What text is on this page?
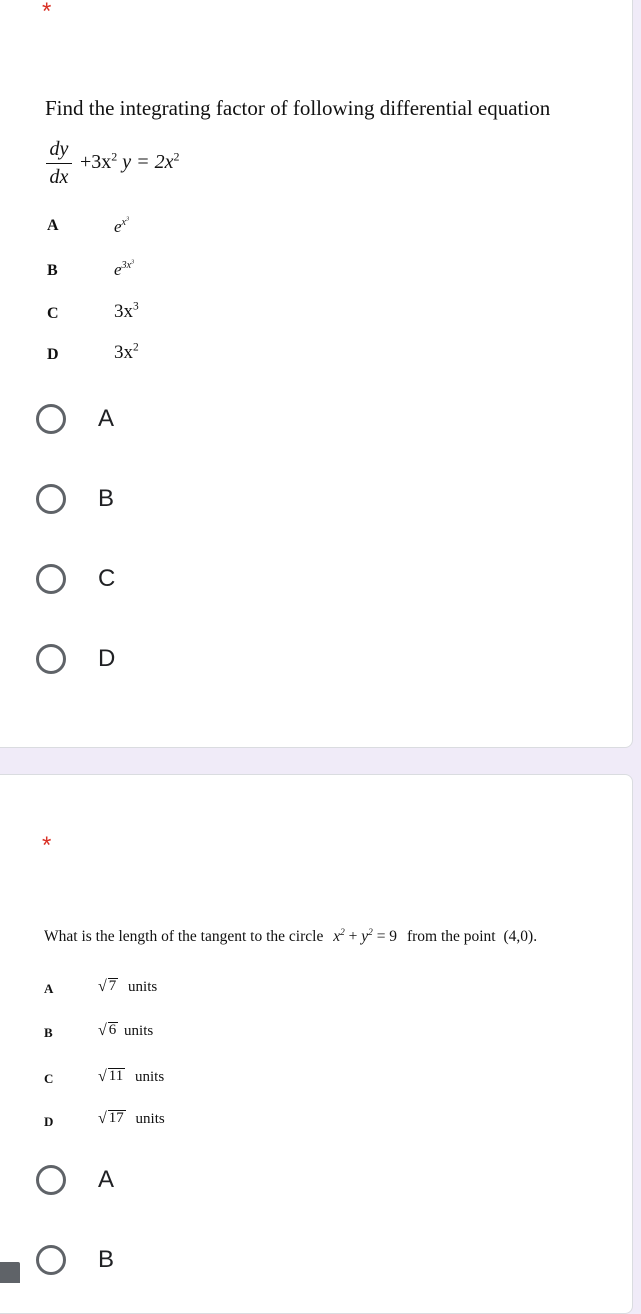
*
Find the integrating factor of following differential equation
dy
dx
$+3x^2$ $y = 2x^2$
A	$e^{x^3}$
B	$e^{3x^3}$
C	$3x^3$
D	$3x^2$
A
B
C
D
*
What is the length of the tangent to the circle $x^2 + y^2 = 9$ from the point (4,0).
A	√ 7 units
B	√ 6 units
C	√ 11 units
D	√ 17 units
A
B
